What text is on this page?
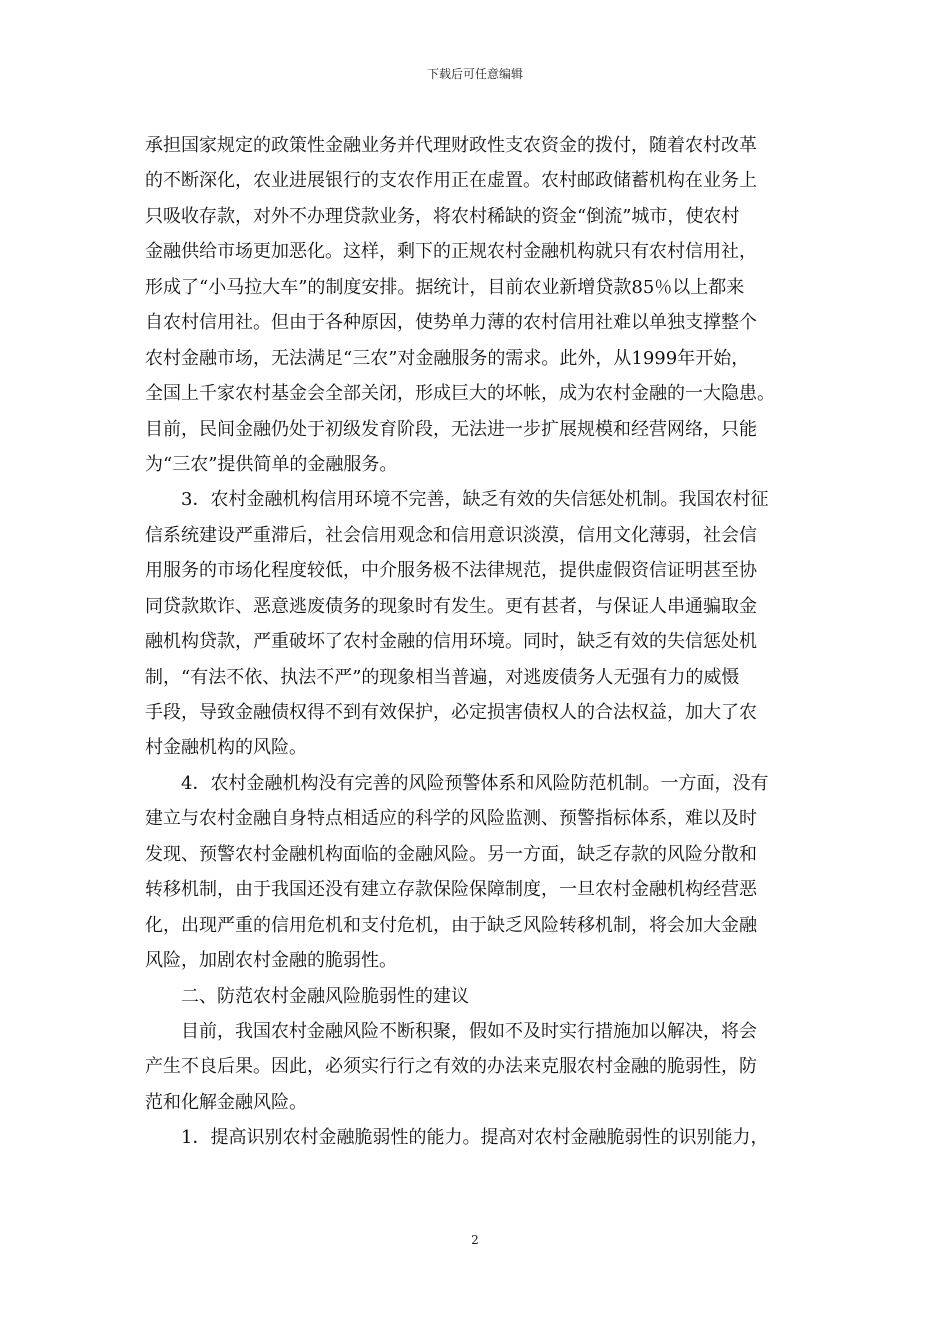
下载后可任意编辑
承担国家规定的政策性金融业务并代理财政性支农资金的拨付，随着农村改革
的不断深化，农业进展银行的支农作用正在虚置。农村邮政储蓄机构在业务上
只吸收存款，对外不办理贷款业务，将农村稀缺的资金“倒流”城市，使农村
金融供给市场更加恶化。这样，剩下的正规农村金融机构就只有农村信用社，
形成了“小马拉大车”的制度安排。据统计，目前农业新增贷款85％以上都来
自农村信用社。但由于各种原因，使势单力薄的农村信用社难以单独支撑整个
农村金融市场，无法满足“三农”对金融服务的需求。此外，从1999年开始，
全国上千家农村基金会全部关闭，形成巨大的坏帐，成为农村金融的一大隐患。
目前，民间金融仍处于初级发育阶段，无法进一步扩展规模和经营网络，只能
为“三农”提供简单的金融服务。
3．农村金融机构信用环境不完善，缺乏有效的失信惩处机制。我国农村征
信系统建设严重滞后，社会信用观念和信用意识淡漠，信用文化薄弱，社会信
用服务的市场化程度较低，中介服务极不法律规范，提供虚假资信证明甚至协
同贷款欺诈、恶意逃废债务的现象时有发生。更有甚者，与保证人串通骗取金
融机构贷款，严重破坏了农村金融的信用环境。同时，缺乏有效的失信惩处机
制，“有法不依、执法不严”的现象相当普遍，对逃废债务人无强有力的威慑
手段，导致金融债权得不到有效保护，必定损害债权人的合法权益，加大了农
村金融机构的风险。
4．农村金融机构没有完善的风险预警体系和风险防范机制。一方面，没有
建立与农村金融自身特点相适应的科学的风险监测、预警指标体系，难以及时
发现、预警农村金融机构面临的金融风险。另一方面，缺乏存款的风险分散和
转移机制，由于我国还没有建立存款保险保障制度，一旦农村金融机构经营恶
化，出现严重的信用危机和支付危机，由于缺乏风险转移机制，将会加大金融
风险，加剧农村金融的脆弱性。
二、防范农村金融风险脆弱性的建议
目前，我国农村金融风险不断积聚，假如不及时实行措施加以解决，将会
产生不良后果。因此，必须实行行之有效的办法来克服农村金融的脆弱性，防
范和化解金融风险。
1．提高识别农村金融脆弱性的能力。提高对农村金融脆弱性的识别能力，
2
